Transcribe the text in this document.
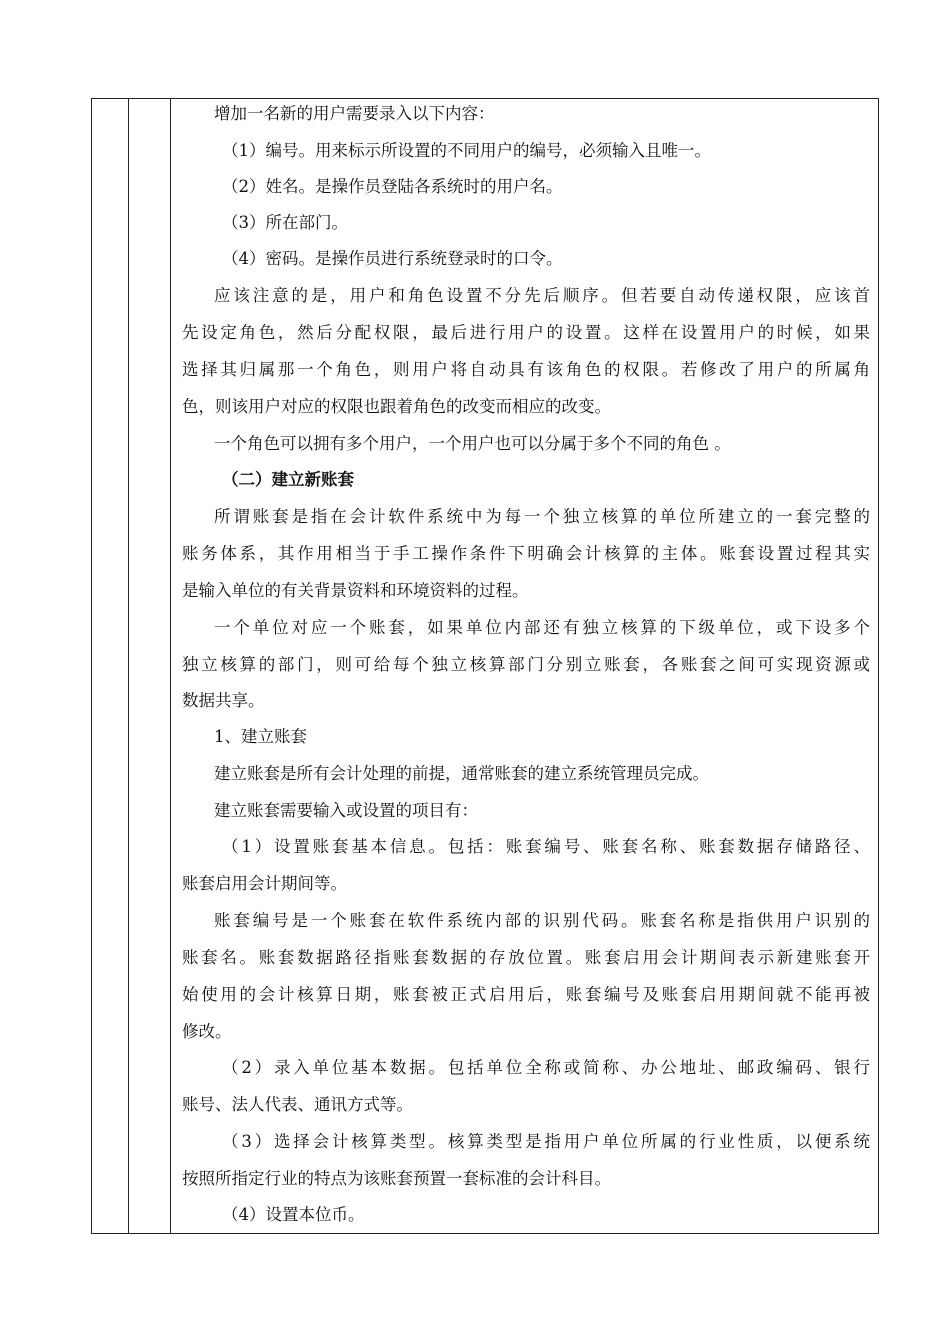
增加一名新的用户需要录入以下内容：
（1）编号。用来标示所设置的不同用户的编号，必须输入且唯一。
（2）姓名。是操作员登陆各系统时的用户名。
（3）所在部门。
（4）密码。是操作员进行系统登录时的口令。
应该注意的是，用户和角色设置不分先后顺序。但若要自动传递权限，应该首
先设定角色，然后分配权限，最后进行用户的设置。这样在设置用户的时候，如果
选择其归属那一个角色，则用户将自动具有该角色的权限。若修改了用户的所属角
色，则该用户对应的权限也跟着角色的改变而相应的改变。
一个角色可以拥有多个用户，一个用户也可以分属于多个不同的角色 。
（二）建立新账套
所谓账套是指在会计软件系统中为每一个独立核算的单位所建立的一套完整的
账务体系，其作用相当于手工操作条件下明确会计核算的主体。账套设置过程其实
是输入单位的有关背景资料和环境资料的过程。
一个单位对应一个账套，如果单位内部还有独立核算的下级单位，或下设多个
独立核算的部门，则可给每个独立核算部门分别立账套，各账套之间可实现资源或
数据共享。
1、建立账套
建立账套是所有会计处理的前提，通常账套的建立系统管理员完成。
建立账套需要输入或设置的项目有：
（1）设置账套基本信息。包括：账套编号、账套名称、账套数据存储路径、
账套启用会计期间等。
账套编号是一个账套在软件系统内部的识别代码。账套名称是指供用户识别的
账套名。账套数据路径指账套数据的存放位置。账套启用会计期间表示新建账套开
始使用的会计核算日期，账套被正式启用后，账套编号及账套启用期间就不能再被
修改。
（2）录入单位基本数据。包括单位全称或简称、办公地址、邮政编码、银行
账号、法人代表、通讯方式等。
（3）选择会计核算类型。核算类型是指用户单位所属的行业性质，以便系统
按照所指定行业的特点为该账套预置一套标准的会计科目。
（4）设置本位币。
